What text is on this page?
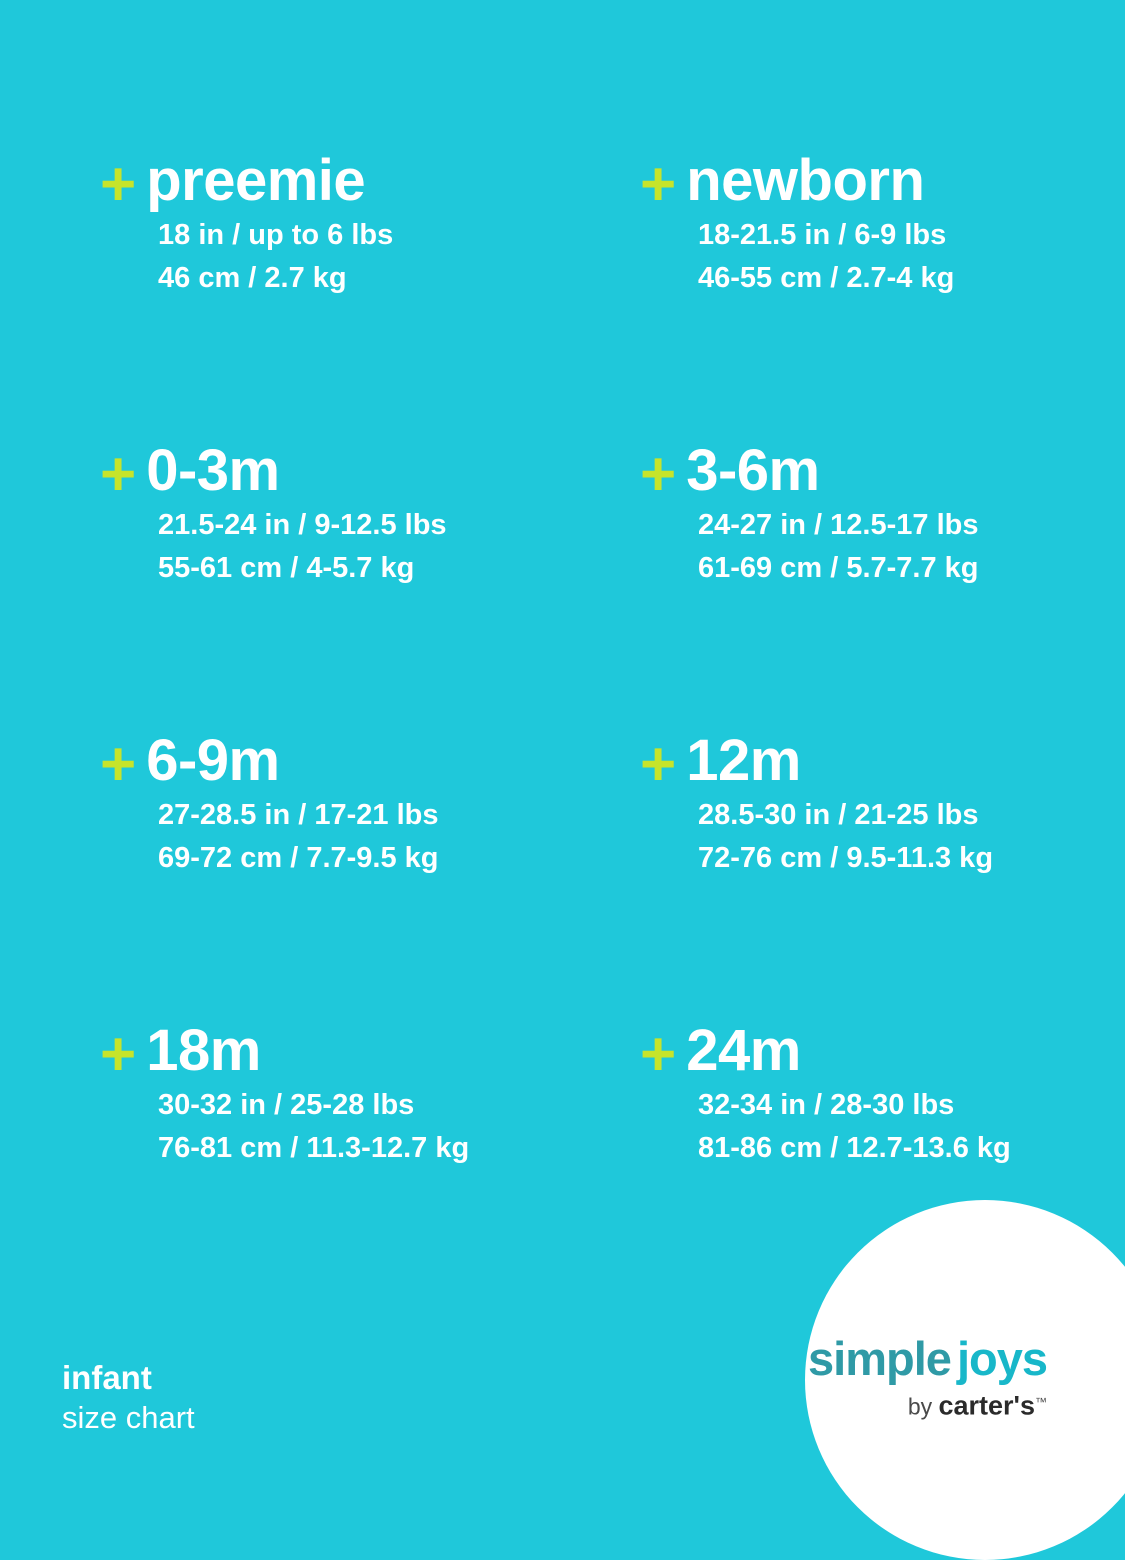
+ preemie
18 in / up to 6 lbs
46 cm / 2.7 kg
+ newborn
18-21.5 in / 6-9 lbs
46-55 cm / 2.7-4 kg
+ 0-3m
21.5-24 in / 9-12.5 lbs
55-61 cm / 4-5.7 kg
+ 3-6m
24-27 in / 12.5-17 lbs
61-69 cm / 5.7-7.7 kg
+ 6-9m
27-28.5 in / 17-21 lbs
69-72 cm / 7.7-9.5 kg
+ 12m
28.5-30 in / 21-25 lbs
72-76 cm / 9.5-11.3 kg
+ 18m
30-32 in / 25-28 lbs
76-81 cm / 11.3-12.7 kg
+ 24m
32-34 in / 28-30 lbs
81-86 cm / 12.7-13.6 kg
infant
size chart
simple joys
by carter's™
